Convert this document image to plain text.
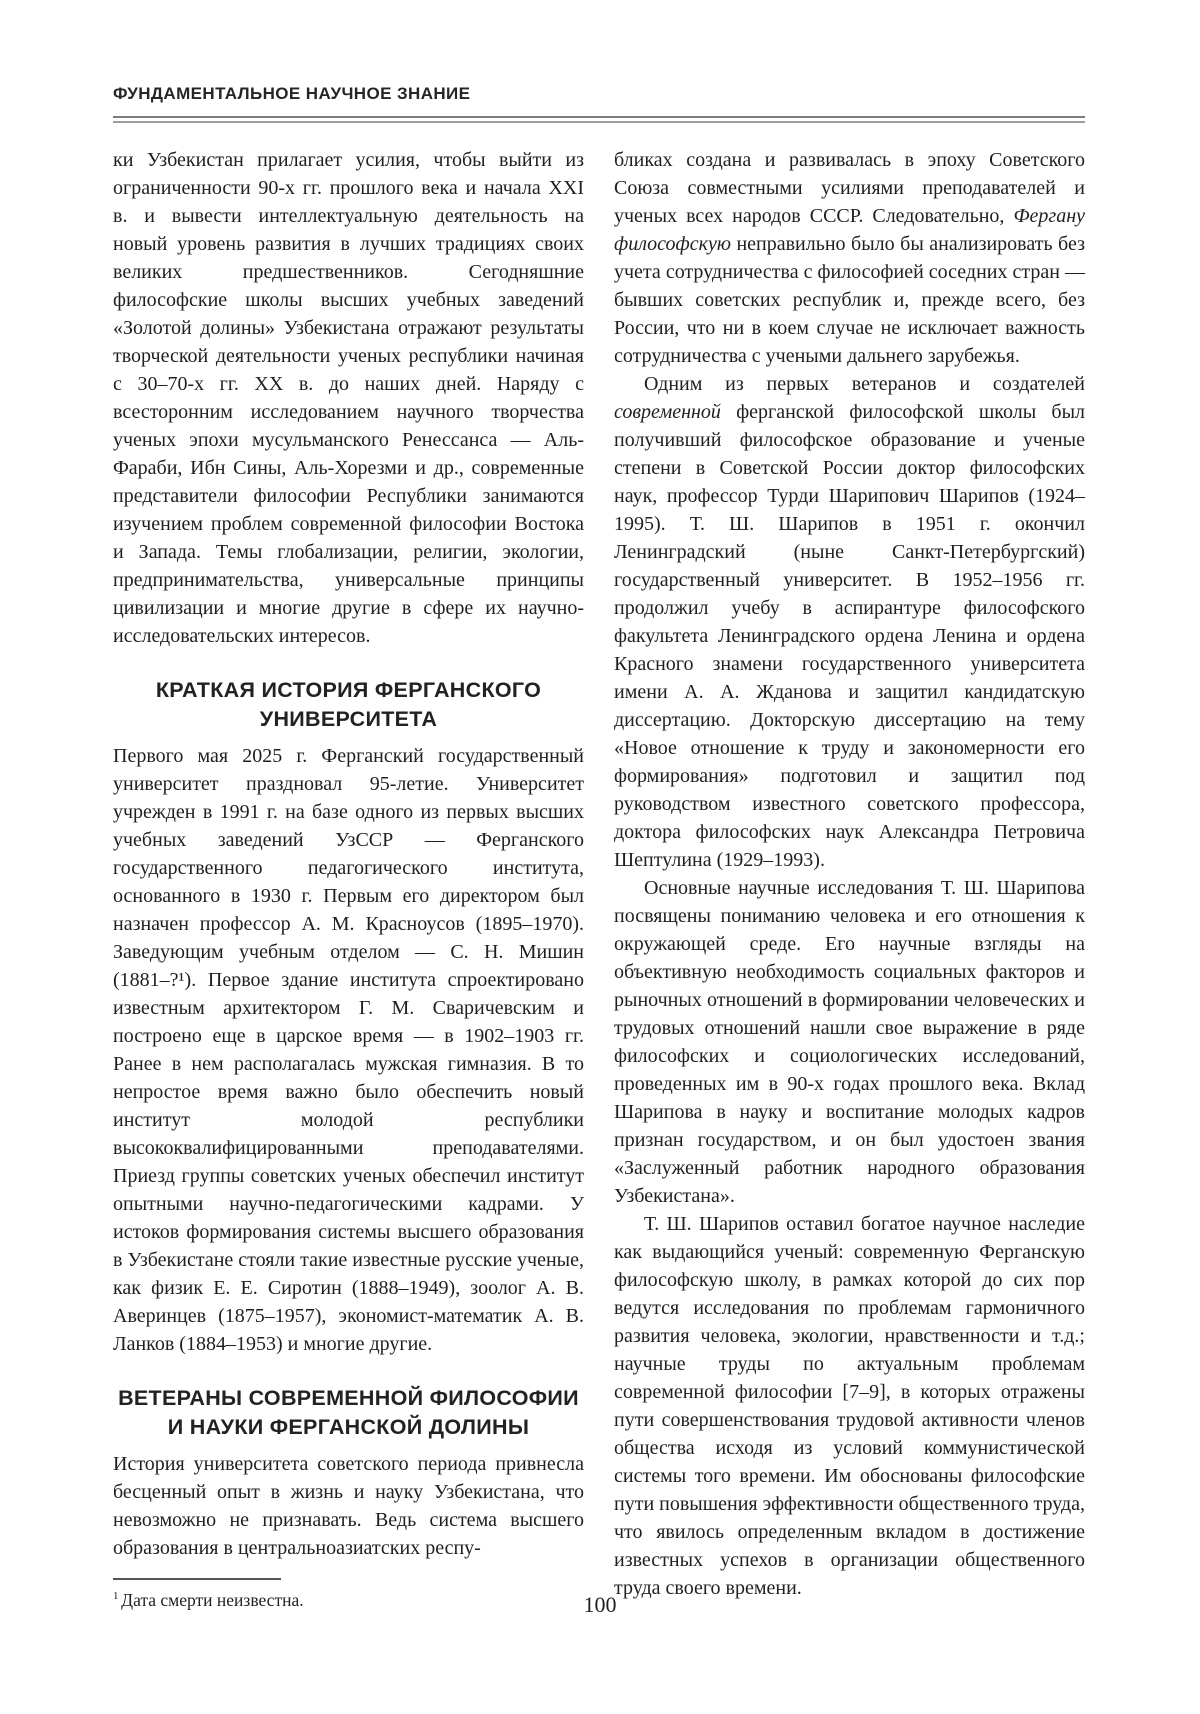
ФУНДАМЕНТАЛЬНОЕ НАУЧНОЕ ЗНАНИЕ

ки Узбекистан прилагает усилия, чтобы выйти из ограниченности 90-х гг. прошлого века и начала XXI в. и вывести интеллектуальную деятельность на новый уровень развития в лучших традициях своих великих предшественников. Сегодняшние философские школы высших учебных заведений «Золотой долины» Узбекистана отражают результаты творческой деятельности ученых республики начиная с 30–70-х гг. XX в. до наших дней. Наряду с всесторонним исследованием научного творчества ученых эпохи мусульманского Ренессанса — Аль-Фараби, Ибн Сины, Аль-Хорезми и др., современные представители философии Республики занимаются изучением проблем современной философии Востока и Запада. Темы глобализации, религии, экологии, предпринимательства, универсальные принципы цивилизации и многие другие в сфере их научно-исследовательских интересов.

КРАТКАЯ ИСТОРИЯ ФЕРГАНСКОГО УНИВЕРСИТЕТА

Первого мая 2025 г. Ферганский государственный университет праздновал 95-летие. Университет учрежден в 1991 г. на базе одного из первых высших учебных заведений УзССР — Ферганского государственного педагогического института, основанного в 1930 г. Первым его директором был назначен профессор А. М. Красноусов (1895–1970). Заведующим учебным отделом — С. Н. Мишин (1881–?¹). Первое здание института спроектировано известным архитектором Г. М. Сваричевским и построено еще в царское время — в 1902–1903 гг. Ранее в нем располагалась мужская гимназия. В то непростое время важно было обеспечить новый институт молодой республики высококвалифицированными преподавателями. Приезд группы советских ученых обеспечил институт опытными научно-педагогическими кадрами. У истоков формирования системы высшего образования в Узбекистане стояли такие известные русские ученые, как физик Е. Е. Сиротин (1888–1949), зоолог А. В. Аверинцев (1875–1957), экономист-математик А. В. Ланков (1884–1953) и многие другие.

ВЕТЕРАНЫ СОВРЕМЕННОЙ ФИЛОСОФИИ И НАУКИ ФЕРГАНСКОЙ ДОЛИНЫ

История университета советского периода привнесла бесценный опыт в жизнь и науку Узбекистана, что невозможно не признавать. Ведь система высшего образования в центральноазиатских респу-

$^1$ Дата смерти неизвестна.

бликах создана и развивалась в эпоху Советского Союза совместными усилиями преподавателей и ученых всех народов СССР. Следовательно, Фергану философскую неправильно было бы анализировать без учета сотрудничества с философией соседних стран — бывших советских республик и, прежде всего, без России, что ни в коем случае не исключает важность сотрудничества с учеными дальнего зарубежья.

Одним из первых ветеранов и создателей современной ферганской философской школы был получивший философское образование и ученые степени в Советской России доктор философских наук, профессор Турди Шарипович Шарипов (1924–1995). Т. Ш. Шарипов в 1951 г. окончил Ленинградский (ныне Санкт-Петербургский) государственный университет. В 1952–1956 гг. продолжил учебу в аспирантуре философского факультета Ленинградского ордена Ленина и ордена Красного знамени государственного университета имени А. А. Жданова и защитил кандидатскую диссертацию. Докторскую диссертацию на тему «Новое отношение к труду и закономерности его формирования» подготовил и защитил под руководством известного советского профессора, доктора философских наук Александра Петровича Шептулина (1929–1993).

Основные научные исследования Т. Ш. Шарипова посвящены пониманию человека и его отношения к окружающей среде. Его научные взгляды на объективную необходимость социальных факторов и рыночных отношений в формировании человеческих и трудовых отношений нашли свое выражение в ряде философских и социологических исследований, проведенных им в 90-х годах прошлого века. Вклад Шарипова в науку и воспитание молодых кадров признан государством, и он был удостоен звания «Заслуженный работник народного образования Узбекистана».

Т. Ш. Шарипов оставил богатое научное наследие как выдающийся ученый: современную Ферганскую философскую школу, в рамках которой до сих пор ведутся исследования по проблемам гармоничного развития человека, экологии, нравственности и т.д.; научные труды по актуальным проблемам современной философии [7–9], в которых отражены пути совершенствования трудовой активности членов общества исходя из условий коммунистической системы того времени. Им обоснованы философские пути повышения эффективности общественного труда, что явилось определенным вкладом в достижение известных успехов в организации общественного труда своего времени.

100
